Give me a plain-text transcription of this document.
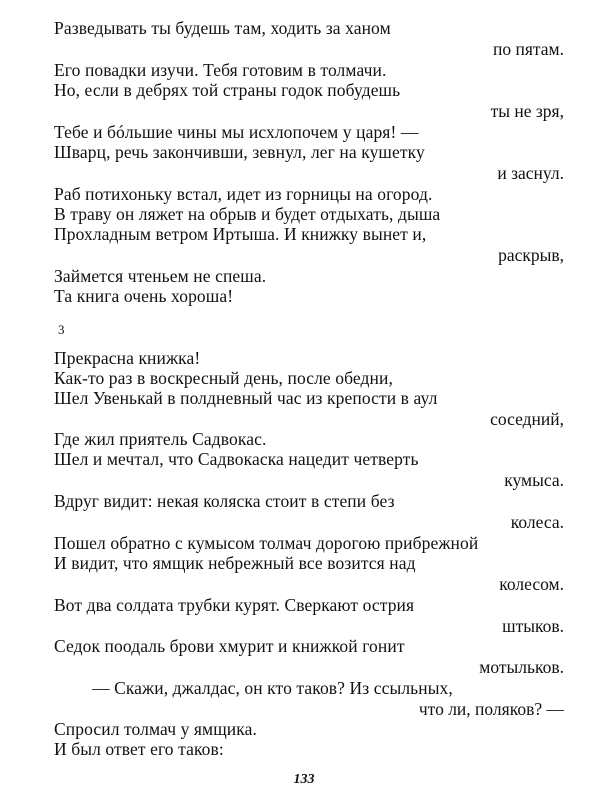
Разведывать ты будешь там, ходить за ханом
по пятам.
Его повадки изучи. Тебя готовим в толмачи.
Но, если в дебрях той страны годок побудешь
ты не зря,
Тебе и бóльшие чины мы исхлопочем у царя! —
Шварц, речь закончивши, зевнул, лег на кушетку
и заснул.
Раб потихоньку встал, идет из горницы на огород.
В траву он ляжет на обрыв и будет отдыхать, дыша
Прохладным ветром Иртыша. И книжку вынет и,
раскрыв,
Займется чтеньем не спеша.
Та книга очень хороша!
3
Прекрасна книжка!
Как-то раз в воскресный день, после обедни,
Шел Увенькай в полдневный час из крепости в аул
соседний,
Где жил приятель Садвокас.
Шел и мечтал, что Садвокаска нацедит четверть
кумыса.
Вдруг видит: некая коляска стоит в степи без
колеса.
Пошел обратно с кумысом толмач дорогою прибрежной
И видит, что ямщик небрежный все возится над
колесом.
Вот два солдата трубки курят. Сверкают острия
штыков.
Седок поодаль брови хмурит и книжкой гонит
мотыльков.
— Скажи, джалдас, он кто таков? Из ссыльных,
что ли, поляков? —
Спросил толмач у ямщика.
И был ответ его таков:
133
